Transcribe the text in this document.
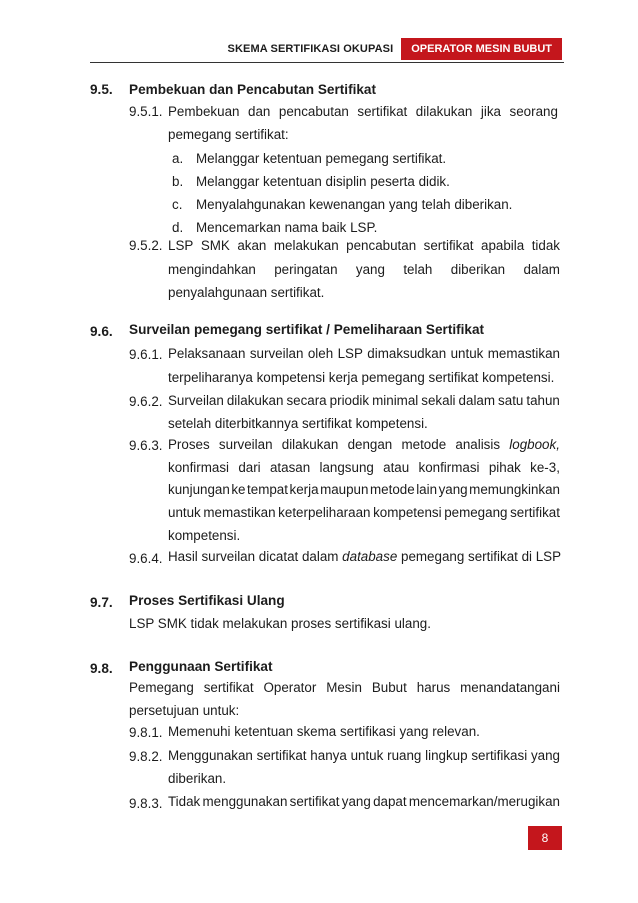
SKEMA SERTIFIKASI OKUPASI	OPERATOR MESIN BUBUT
9.5. Pembekuan dan Pencabutan Sertifikat
9.5.1. Pembekuan dan pencabutan sertifikat dilakukan jika seorang
pemegang sertifikat:
a. Melanggar ketentuan pemegang sertifikat.
b. Melanggar ketentuan disiplin peserta didik.
c. Menyalahgunakan kewenangan yang telah diberikan.
d. Mencemarkan nama baik LSP.
9.5.2. LSP SMK akan melakukan pencabutan sertifikat apabila tidak
mengindahkan peringatan yang telah diberikan dalam
penyalahgunaan sertifikat.
9.6. Surveilan pemegang sertifikat / Pemeliharaan Sertifikat
9.6.1. Pelaksanaan surveilan oleh LSP dimaksudkan untuk memastikan
terpeliharanya kompetensi kerja pemegang sertifikat kompetensi.
9.6.2. Surveilan dilakukan secara priodik minimal sekali dalam satu tahun
setelah diterbitkannya sertifikat kompetensi.
9.6.3. Proses surveilan dilakukan dengan metode analisis logbook,
konfirmasi dari atasan langsung atau konfirmasi pihak ke-3,
kunjungan ke tempat kerja maupun metode lain yang memungkinkan
untuk memastikan keterpeliharaan kompetensi pemegang sertifikat
kompetensi.
9.6.4. Hasil surveilan dicatat dalam database pemegang sertifikat di LSP
9.7. Proses Sertifikasi Ulang
LSP SMK tidak melakukan proses sertifikasi ulang.
9.8. Penggunaan Sertifikat
Pemegang sertifikat Operator Mesin Bubut harus menandatangani
persetujuan untuk:
9.8.1. Memenuhi ketentuan skema sertifikasi yang relevan.
9.8.2. Menggunakan sertifikat hanya untuk ruang lingkup sertifikasi yang
diberikan.
9.8.3. Tidak menggunakan sertifikat yang dapat mencemarkan/merugikan
8
